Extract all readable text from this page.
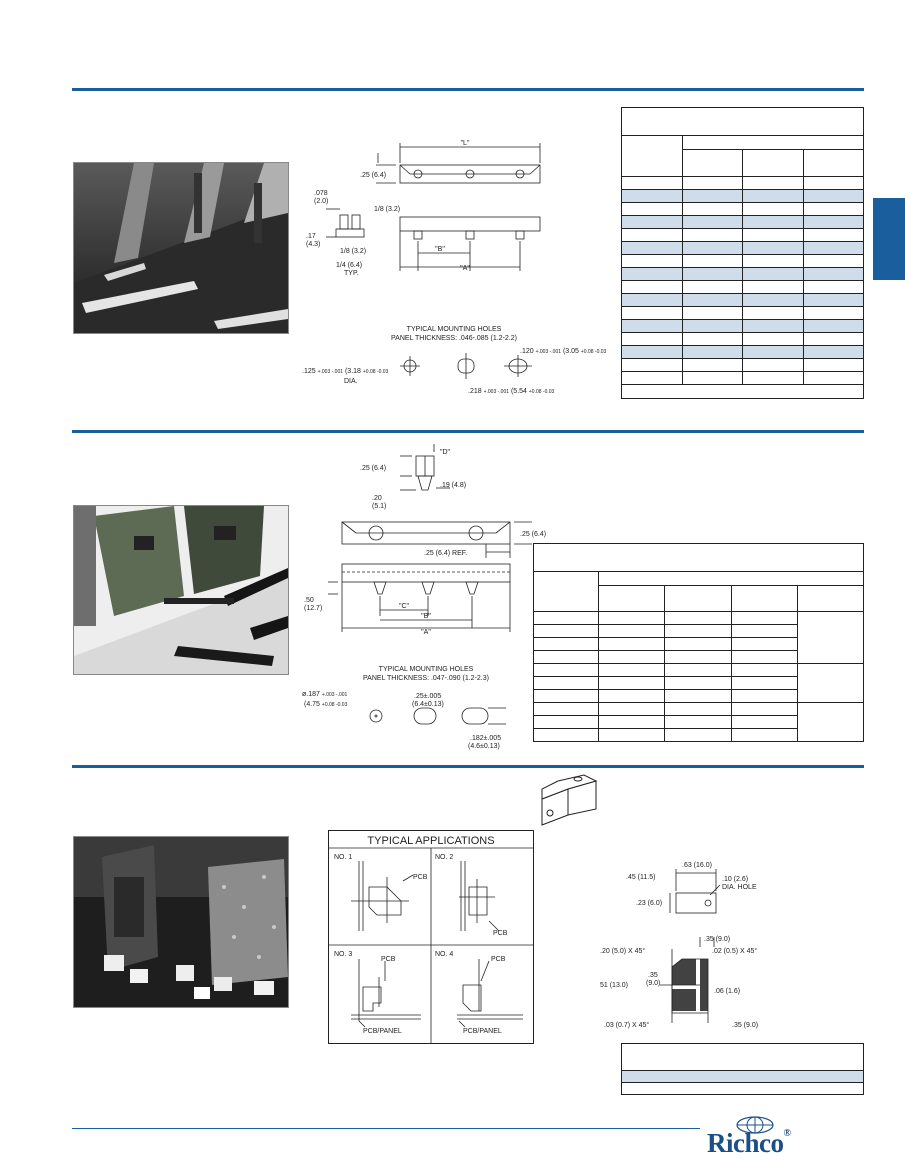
"L"
.25 (6.4)
.078
(2.0)
1/8 (3.2)
.17
(4.3)
1/8 (3.2)
1/4 (6.4)
TYP.
"B"
"A"
TYPICAL MOUNTING HOLES
PANEL THICKNESS: .046-.085 (1.2-2.2)
.125 +.003 -.001 (3.18 +0.08 -0.03
DIA.
.120 +.003 -.001 (3.05 +0.08 -0.03
.218 +.003 -.001 (5.54 +0.08 -0.03

"D"
.25 (6.4)
.20
(5.1)
.19 (4.8)
.25 (6.4)
.25 (6.4) REF.
.50
(12.7)	"C"
"B"
"A"
TYPICAL MOUNTING HOLES
PANEL THICKNESS: .047-.090 (1.2-2.3)
ø.187 +.003 -.001
(4.75 +0.08 -0.03
.25±.005
(6.4±0.13)
.182±.005
(4.6±0.13)

TYPICAL APPLICATIONS
NO. 1
PCB
NO. 2
PCB
NO. 3
PCB
PCB/PANEL
NO. 4
PCB
PCB/PANEL
.63 (16.0)
.10 (2.6)
DIA. HOLE
.45 (11.5)
.23 (6.0)
.35 (9.0)
.20 (5.0) X 45°	.02 (0.5) X 45°
.35
(9.0)
51 (13.0)
.06 (1.6)
.03 (0.7) X 45°	.35 (9.0)

Richco®
